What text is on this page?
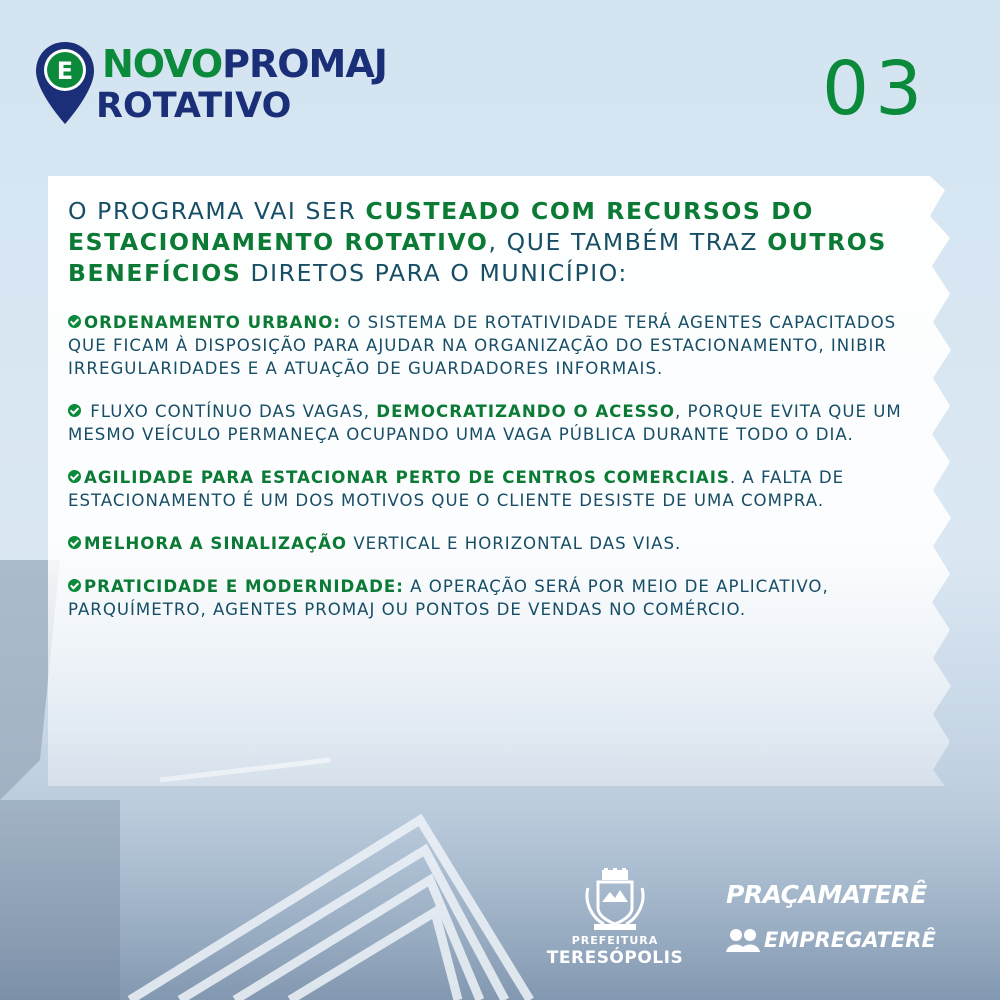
E NOVOPROMAJ
ROTATIVO	03

O PROGRAMA VAI SER CUSTEADO COM RECURSOS DO ESTACIONAMENTO ROTATIVO, QUE TAMBÉM TRAZ OUTROS BENEFÍCIOS DIRETOS PARA O MUNICÍPIO:

ORDENAMENTO URBANO: O SISTEMA DE ROTATIVIDADE TERÁ AGENTES CAPACITADOS QUE FICAM À DISPOSIÇÃO PARA AJUDAR NA ORGANIZAÇÃO DO ESTACIONAMENTO, INIBIR IRREGULARIDADES E A ATUAÇÃO DE GUARDADORES INFORMAIS.

FLUXO CONTÍNUO DAS VAGAS, DEMOCRATIZANDO O ACESSO, PORQUE EVITA QUE UM MESMO VEÍCULO PERMANEÇA OCUPANDO UMA VAGA PÚBLICA DURANTE TODO O DIA.

AGILIDADE PARA ESTACIONAR PERTO DE CENTROS COMERCIAIS. A FALTA DE ESTACIONAMENTO É UM DOS MOTIVOS QUE O CLIENTE DESISTE DE UMA COMPRA.

MELHORA A SINALIZAÇÃO VERTICAL E HORIZONTAL DAS VIAS.

PRATICIDADE E MODERNIDADE: A OPERAÇÃO SERÁ POR MEIO DE APLICATIVO, PARQUÍMETRO, AGENTES PROMAJ OU PONTOS DE VENDAS NO COMÉRCIO.

PREFEITURA
TERESÓPOLIS
PRAÇAMATERÊ
EMPREGATERÊ
